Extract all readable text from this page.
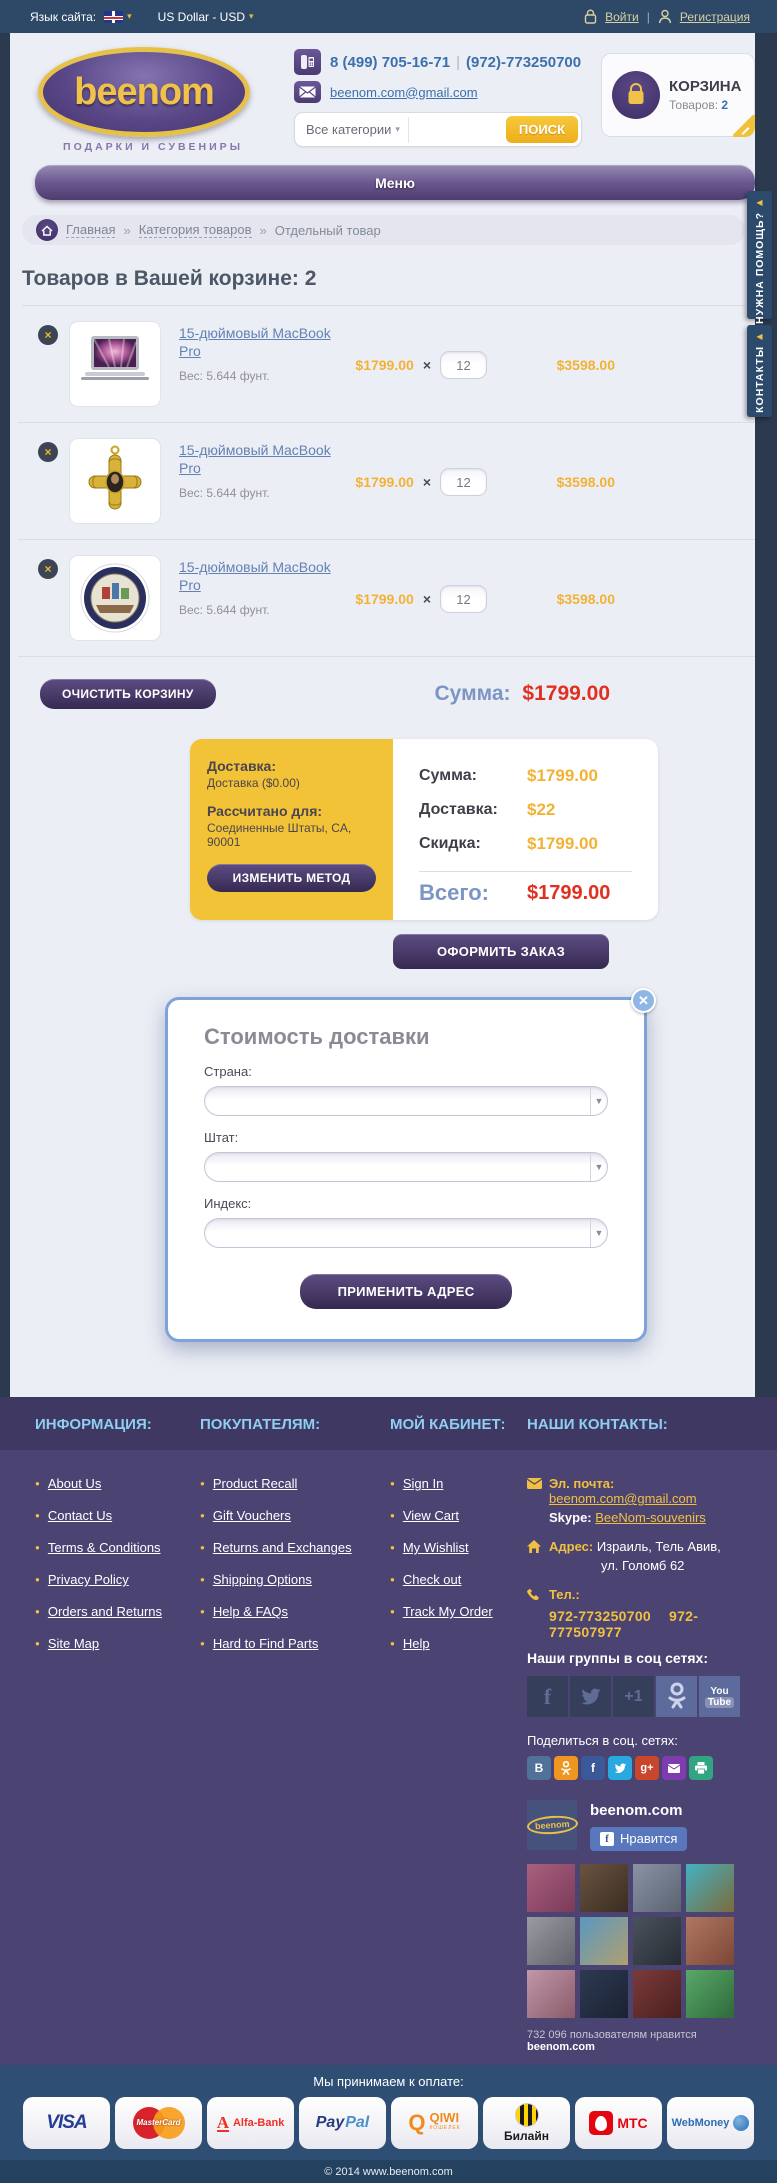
Язык сайта: ▾	US Dollar - USD ▾	Войти |	Регистрация
beenom
ПОДАРКИ И СУВЕНИРЫ
8 (499) 705-16-71 | (972)-773250700
beenom.com@gmail.com
Все категории ▾	ПОИСК
КОРЗИНА
Товаров: 2
Меню
Главная » Категория товаров » Отдельный товар
Товаров в Вашей корзине: 2
×	15-дюймовый MacBook Pro
Вес: 5.644 фунт.
$1799.00 ×
12	$3598.00
×	15-дюймовый MacBook Pro
Вес: 5.644 фунт.
$1799.00 ×
12	$3598.00
×	15-дюймовый MacBook Pro
Вес: 5.644 фунт.
$1799.00 ×
12	$3598.00
ОЧИСТИТЬ КОРЗИНУ	Сумма: $1799.00
Доставка:
Доставка ($0.00)
Рассчитано для:
Соединенные Штаты, CA, 90001
ИЗМЕНИТЬ МЕТОД
Сумма:	$1799.00
Доставка:	$22
Скидка:	$1799.00
Всего:	$1799.00
ОФОРМИТЬ ЗАКАЗ
✕
Стоимость доставки
Страна:
▼
Штат:
▼
Индекс:
▼
ПРИМЕНИТЬ АДРЕС
◀
НУЖНА ПОМОЩЬ?
◀
КОНТАКТЫ
ИНФОРМАЦИЯ:	ПОКУПАТЕЛЯМ:	МОЙ КАБИНЕТ:	НАШИ КОНТАКТЫ:
● About Us
● Contact Us
● Terms & Conditions
● Privacy Policy
● Orders and Returns
● Site Map
● Product Recall
● Gift Vouchers
● Returns and Exchanges
● Shipping Options
● Help & FAQs
● Hard to Find Parts
● Sign In
● View Cart
● My Wishlist
● Check out
● Track My Order
● Help
Эл. почта: beenom.com@gmail.com
Skype: BeeNom-souvenirs
Адрес: Израиль, Тель Авив,
ул. Голомб 62
Тел.:
972-773250700 972-777507977
Наши группы в соц сетях:
f	+1	You
Tube
Поделиться в соц. сетях:
В	f	g+
beenom
beenom.com
f Нравится
732 096 пользователям нравится beenom.com
Мы принимаем к оплате:
VISA	MasterCard	A Alfa-Bank Pay Pal Q QIWI
КОШЕЛЕК
Билайн
МТС WebMoney
© 2014 www.beenom.com
